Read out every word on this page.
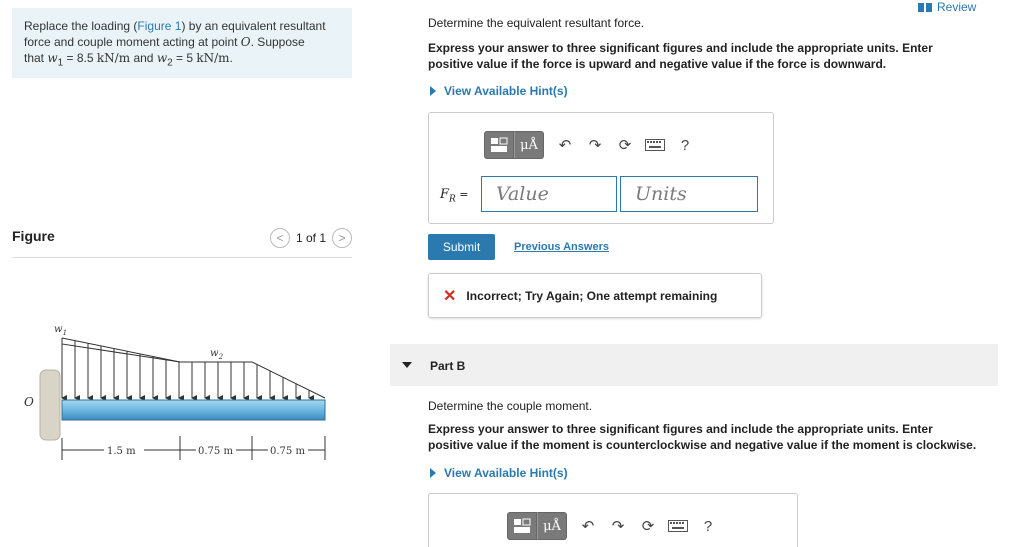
Replace the loading (Figure 1) by an equivalent resultant
force and couple moment acting at point O. Suppose
that $w_1 = 8.5$ kN/m and $w_2 = 5$ kN/m.
Figure	<	1 of 1	>
$w_1$
$w_2$
O
1.5 m	0.75 m	0.75 m
Review
Determine the equivalent resultant force.
Express your answer to three significant figures and include the appropriate units. Enter
positive value if the force is upward and negative value if the force is downward.
View Available Hint(s)
μÅ	↶	↷	⟳	?
$F_R$ =	Value	Units
Submit	Previous Answers
✕ Incorrect; Try Again; One attempt remaining
Part B
Determine the couple moment.
Express your answer to three significant figures and include the appropriate units. Enter
positive value if the moment is counterclockwise and negative value if the moment is clockwise.
View Available Hint(s)
μÅ	↶	↷	⟳	?
